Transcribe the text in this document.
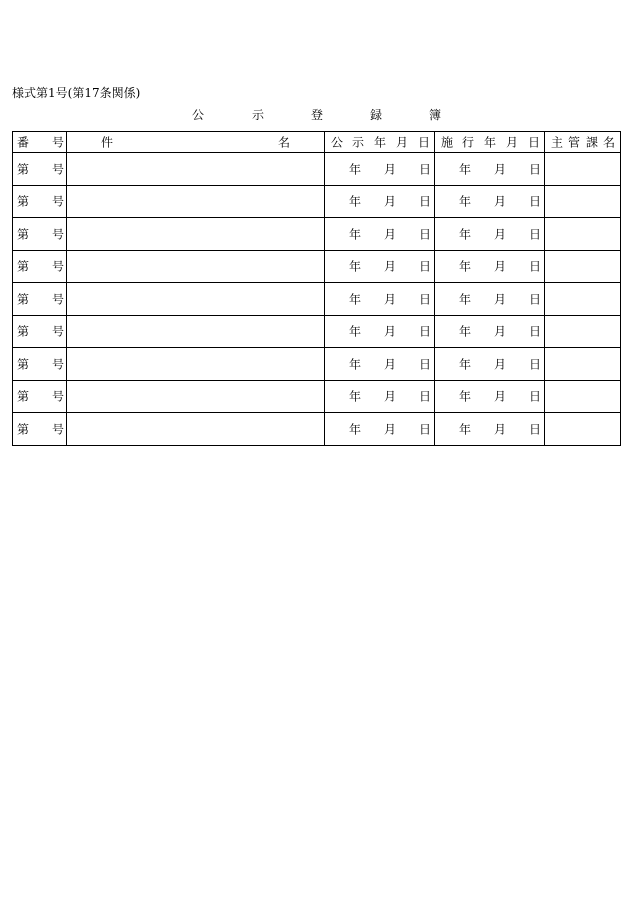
様式第1号(第17条関係)
公	示	登	録	簿
番 号	件 名	公 示 年 月 日	施 行 年 月 日	主 管 課 名

第 号		年 月 日	年 月 日	

第 号		年 月 日	年 月 日	

第 号		年 月 日	年 月 日	

第 号		年 月 日	年 月 日	

第 号		年 月 日	年 月 日	

第 号		年 月 日	年 月 日	

第 号		年 月 日	年 月 日	

第 号		年 月 日	年 月 日	

第 号		年 月 日	年 月 日	
